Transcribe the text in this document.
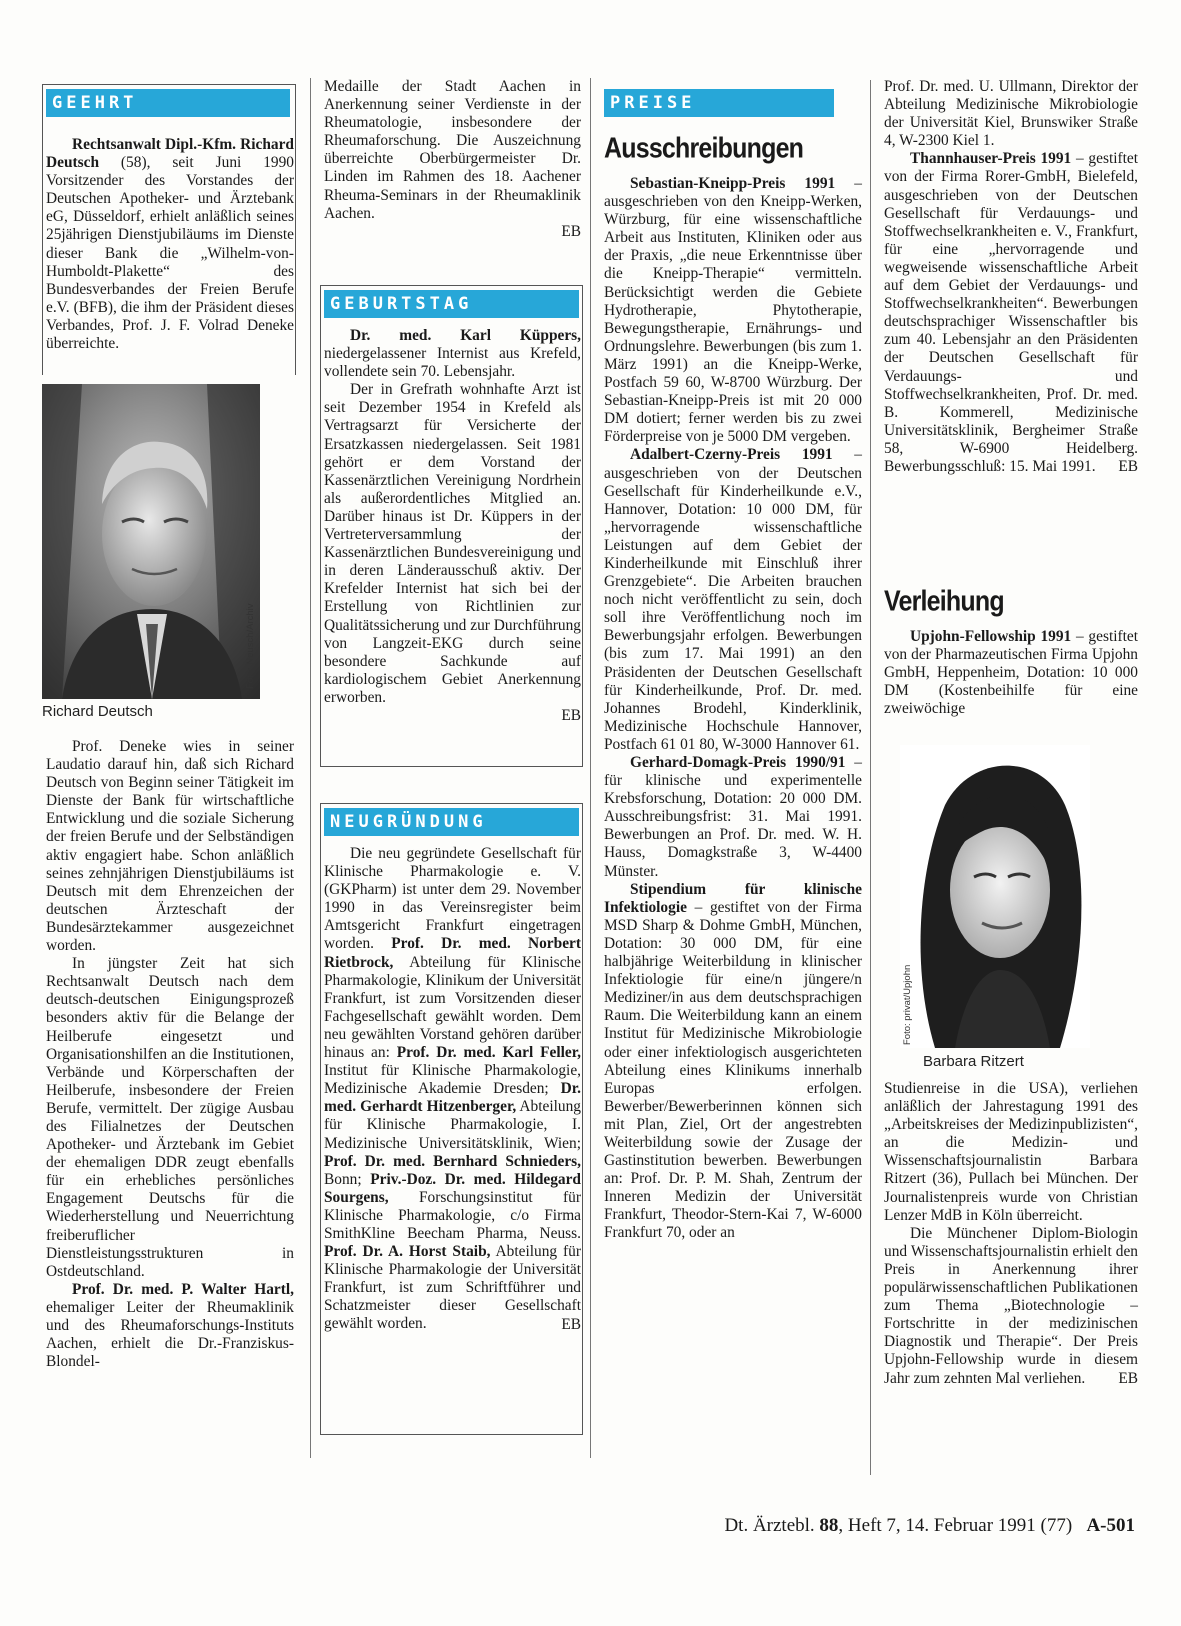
GEEHRT

Rechtsanwalt Dipl.-Kfm. Richard Deutsch (58), seit Juni 1990 Vorsitzender des Vorstandes der Deutschen Apotheker- und Ärztebank eG, Düsseldorf, erhielt anläßlich seines 25jährigen Dienstjubiläums im Dienste dieser Bank die „Wilhelm-von-Humboldt-Plakette“ des Bundesverbandes der Freien Berufe e.V. (BFB), die ihm der Präsident dieses Verbandes, Prof. J. F. Volrad Deneke überreichte.

Foto: Neusch/Archiv
Richard Deutsch

Prof. Deneke wies in seiner Laudatio darauf hin, daß sich Richard Deutsch von Beginn seiner Tätigkeit im Dienste der Bank für wirtschaftliche Entwicklung und die soziale Sicherung der freien Berufe und der Selbständigen aktiv engagiert habe. Schon anläßlich seines zehnjährigen Dienstjubiläums ist Deutsch mit dem Ehrenzeichen der deutschen Ärzteschaft der Bundesärztekammer ausgezeichnet worden.

In jüngster Zeit hat sich Rechtsanwalt Deutsch nach dem deutsch-deutschen Einigungsprozeß besonders aktiv für die Belange der Heilberufe eingesetzt und Organisationshilfen an die Institutionen, Verbände und Körperschaften der Heilberufe, insbesondere der Freien Berufe, vermittelt. Der zügige Ausbau des Filialnetzes der Deutschen Apotheker- und Ärztebank im Gebiet der ehemaligen DDR zeugt ebenfalls für ein erhebliches persönliches Engagement Deutschs für die Wiederherstellung und Neuerrichtung freiberuflicher Dienstleistungsstrukturen in Ostdeutschland.

Prof. Dr. med. P. Walter Hartl, ehemaliger Leiter der Rheumaklinik und des Rheumaforschungs-Instituts Aachen, erhielt die Dr.-Franziskus-Blondel-

Medaille der Stadt Aachen in Anerkennung seiner Verdienste in der Rheumatologie, insbesondere der Rheumaforschung. Die Auszeichnung überreichte Oberbürgermeister Dr. Linden im Rahmen des 18. Aachener Rheuma-Seminars in der Rheumaklinik Aachen.

EB
GEBURTSTAG

Dr. med. Karl Küppers, niedergelassener Internist aus Krefeld, vollendete sein 70. Lebensjahr.

Der in Grefrath wohnhafte Arzt ist seit Dezember 1954 in Krefeld als Vertragsarzt für Versicherte der Ersatzkassen niedergelassen. Seit 1981 gehört er dem Vorstand der Kassenärztlichen Vereinigung Nordrhein als außerordentliches Mitglied an. Darüber hinaus ist Dr. Küppers in der Vertreterversammlung der Kassenärztlichen Bundesvereinigung und in deren Länderausschuß aktiv. Der Krefelder Internist hat sich bei der Erstellung von Richtlinien zur Qualitätssicherung und zur Durchführung von Langzeit-EKG durch seine besondere Sachkunde auf kardiologischem Gebiet Anerkennung erworben.

EB
NEUGRÜNDUNG

Die neu gegründete Gesellschaft für Klinische Pharmakologie e. V. (GKPharm) ist unter dem 29. November 1990 in das Vereinsregister beim Amtsgericht Frankfurt eingetragen worden. Prof. Dr. med. Norbert Rietbrock, Abteilung für Klinische Pharmakologie, Klinikum der Universität Frankfurt, ist zum Vorsitzenden dieser Fachgesellschaft gewählt worden. Dem neu gewählten Vorstand gehören darüber hinaus an: Prof. Dr. med. Karl Feller, Institut für Klinische Pharmakologie, Medizinische Akademie Dresden; Dr. med. Gerhardt Hitzenberger, Abteilung für Klinische Pharmakologie, I. Medizinische Universitätsklinik, Wien; Prof. Dr. med. Bernhard Schnieders, Bonn; Priv.-Doz. Dr. med. Hildegard Sourgens, Forschungsinstitut für Klinische Pharmakologie, c/o Firma SmithKline Beecham Pharma, Neuss. Prof. Dr. A. Horst Staib, Abteilung für Klinische Pharmakologie der Universität Frankfurt, ist zum Schriftführer und Schatzmeister dieser Gesellschaft gewählt worden.	EB
PREISE
Ausschreibungen

Sebastian-Kneipp-Preis 1991 – ausgeschrieben von den Kneipp-Werken, Würzburg, für eine wissenschaftliche Arbeit aus Instituten, Kliniken oder aus der Praxis, „die neue Erkenntnisse über die Kneipp-Therapie“ vermitteln. Berücksichtigt werden die Gebiete Hydrotherapie, Phytotherapie, Bewegungstherapie, Ernährungs- und Ordnungslehre. Bewerbungen (bis zum 1. März 1991) an die Kneipp-Werke, Postfach 59 60, W-8700 Würzburg. Der Sebastian-Kneipp-Preis ist mit 20 000 DM dotiert; ferner werden bis zu zwei Förderpreise von je 5000 DM vergeben.

Adalbert-Czerny-Preis 1991 – ausgeschrieben von der Deutschen Gesellschaft für Kinderheilkunde e.V., Hannover, Dotation: 10 000 DM, für „hervorragende wissenschaftliche Leistungen auf dem Gebiet der Kinderheilkunde mit Einschluß ihrer Grenzgebiete“. Die Arbeiten brauchen noch nicht veröffentlicht zu sein, doch soll ihre Veröffentlichung noch im Bewerbungsjahr erfolgen. Bewerbungen (bis zum 17. Mai 1991) an den Präsidenten der Deutschen Gesellschaft für Kinderheilkunde, Prof. Dr. med. Johannes Brodehl, Kinderklinik, Medizinische Hochschule Hannover, Postfach 61 01 80, W-3000 Hannover 61.

Gerhard-Domagk-Preis 1990/91 – für klinische und experimentelle Krebsforschung, Dotation: 20 000 DM. Ausschreibungsfrist: 31. Mai 1991. Bewerbungen an Prof. Dr. med. W. H. Hauss, Domagkstraße 3, W-4400 Münster.

Stipendium für klinische Infektiologie – gestiftet von der Firma MSD Sharp & Dohme GmbH, München, Dotation: 30 000 DM, für eine halbjährige Weiterbildung in klinischer Infektiologie für eine/n jüngere/n Mediziner/in aus dem deutschsprachigen Raum. Die Weiterbildung kann an einem Institut für Medizinische Mikrobiologie oder einer infektiologisch ausgerichteten Abteilung eines Klinikums innerhalb Europas erfolgen. Bewerber/Bewerberinnen können sich mit Plan, Ziel, Ort der angestrebten Weiterbildung sowie der Zusage der Gastinstitution bewerben. Bewerbungen an: Prof. Dr. P. M. Shah, Zentrum der Inneren Medizin der Universität Frankfurt, Theodor-Stern-Kai 7, W-6000 Frankfurt 70, oder an

Prof. Dr. med. U. Ullmann, Direktor der Abteilung Medizinische Mikrobiologie der Universität Kiel, Brunswiker Straße 4, W-2300 Kiel 1.

Thannhauser-Preis 1991 – gestiftet von der Firma Rorer-GmbH, Bielefeld, ausgeschrieben von der Deutschen Gesellschaft für Verdauungs- und Stoffwechselkrankheiten e. V., Frankfurt, für eine „hervorragende und wegweisende wissenschaftliche Arbeit auf dem Gebiet der Verdauungs- und Stoffwechselkrankheiten“. Bewerbungen deutschsprachiger Wissenschaftler bis zum 40. Lebensjahr an den Präsidenten der Deutschen Gesellschaft für Verdauungs- und Stoffwechselkrankheiten, Prof. Dr. med. B. Kommerell, Medizinische Universitätsklinik, Bergheimer Straße 58, W-6900 Heidelberg. Bewerbungsschluß: 15. Mai 1991.	EB
Verleihung

Upjohn-Fellowship 1991 – gestiftet von der Pharmazeutischen Firma Upjohn GmbH, Heppenheim, Dotation: 10 000 DM (Kostenbeihilfe für eine zweiwöchige

Foto: privat/Upjohn
Barbara Ritzert

Studienreise in die USA), verliehen anläßlich der Jahrestagung 1991 des „Arbeitskreises der Medizinpublizisten“, an die Medizin- und Wissenschaftsjournalistin Barbara Ritzert (36), Pullach bei München. Der Journalistenpreis wurde von Christian Lenzer MdB in Köln überreicht.

Die Münchener Diplom-Biologin und Wissenschaftsjournalistin erhielt den Preis in Anerkennung ihrer populärwissenschaftlichen Publikationen zum Thema „Biotechnologie – Fortschritte in der medizinischen Diagnostik und Therapie“. Der Preis Upjohn-Fellowship wurde in diesem Jahr zum zehnten Mal verliehen.	EB
Dt. Ärztebl. 88, Heft 7, 14. Februar 1991 (77) A-501
